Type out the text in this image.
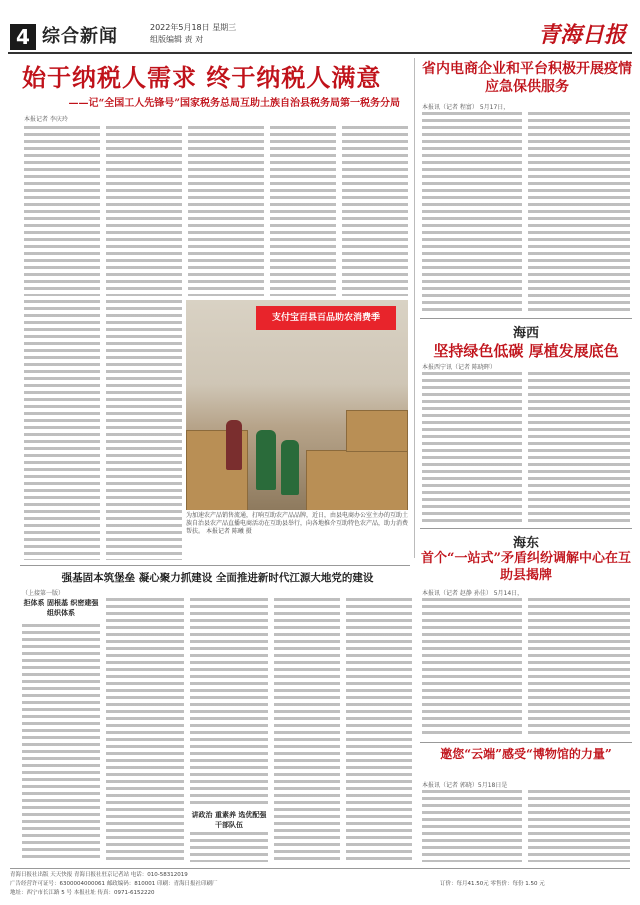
4 综合新闻	2022年5月18日 星期三
组版编辑 责 对	青海日报
始于纳税人需求 终于纳税人满意
——记“全国工人先锋号”国家税务总局互助土族自治县税务局第一税务分局
本报记者 李庆玲
支付宝百县百品助农消费季
为加速农产品销售流通，打响互助农产品品牌，近日，由县电商办公室主办的互助土族自治县农产品直播电商活动在互助县举行，向各地推介互助特色农产品，助力消费帮扶。 本报记者 陈曦 摄
省内电商企业和平台积极开展疫情应急保供服务
本报讯（记者 程富） 5月17日，
海西
坚持绿色低碳 厚植发展底色
本报西宁讯（记者 陈晓晖）
海东
首个“一站式”矛盾纠纷调解中心在互助县揭牌
本报讯（记者 赵静 孙佳） 5月14日，
强基固本筑堡垒 凝心聚力抓建设 全面推进新时代江源大地党的建设
（上接第一版）
拒体系 固根基 织密建强组织体系
讲政治 重素养 选优配强干部队伍
邀您“云端”感受“博物馆的力量”
本报讯（记者 郭晓）5月18日是
青海日报社出版 天天快报 青海日报社驻京记者站 电话：010-58312019
广告经营许可证号：6300004000061 邮政编码：810001 印刷：青海日报社印刷厂
地址：西宁市长江路 5 号 本报社址 传真：0971-6152220
订价：每月41.50元 零售价：每份 1.50 元
